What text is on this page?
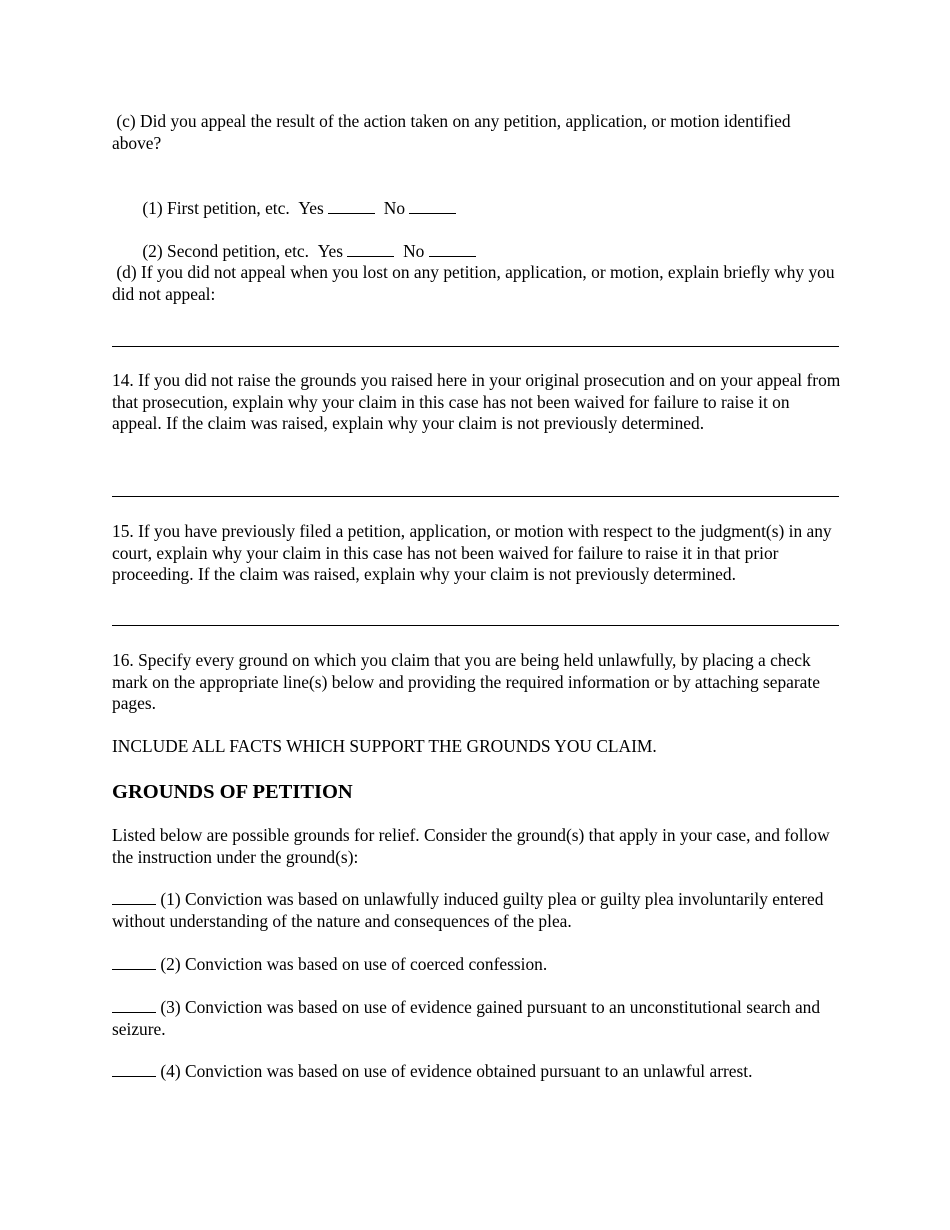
(c) Did you appeal the result of the action taken on any petition, application, or motion identified above?

(1) First petition, etc. Yes	No

(2) Second petition, etc. Yes	No

(d) If you did not appeal when you lost on any petition, application, or motion, explain briefly why you did not appeal:

14. If you did not raise the grounds you raised here in your original prosecution and on your appeal from that prosecution, explain why your claim in this case has not been waived for failure to raise it on appeal. If the claim was raised, explain why your claim is not previously determined.

15. If you have previously filed a petition, application, or motion with respect to the judgment(s) in any court, explain why your claim in this case has not been waived for failure to raise it in that prior proceeding. If the claim was raised, explain why your claim is not previously determined.

16. Specify every ground on which you claim that you are being held unlawfully, by placing a check mark on the appropriate line(s) below and providing the required information or by attaching separate pages.

INCLUDE ALL FACTS WHICH SUPPORT THE GROUNDS YOU CLAIM.

GROUNDS OF PETITION

Listed below are possible grounds for relief. Consider the ground(s) that apply in your case, and follow the instruction under the ground(s):

(1) Conviction was based on unlawfully induced guilty plea or guilty plea involuntarily entered without understanding of the nature and consequences of the plea.

(2) Conviction was based on use of coerced confession.

(3) Conviction was based on use of evidence gained pursuant to an unconstitutional search and seizure.

(4) Conviction was based on use of evidence obtained pursuant to an unlawful arrest.
